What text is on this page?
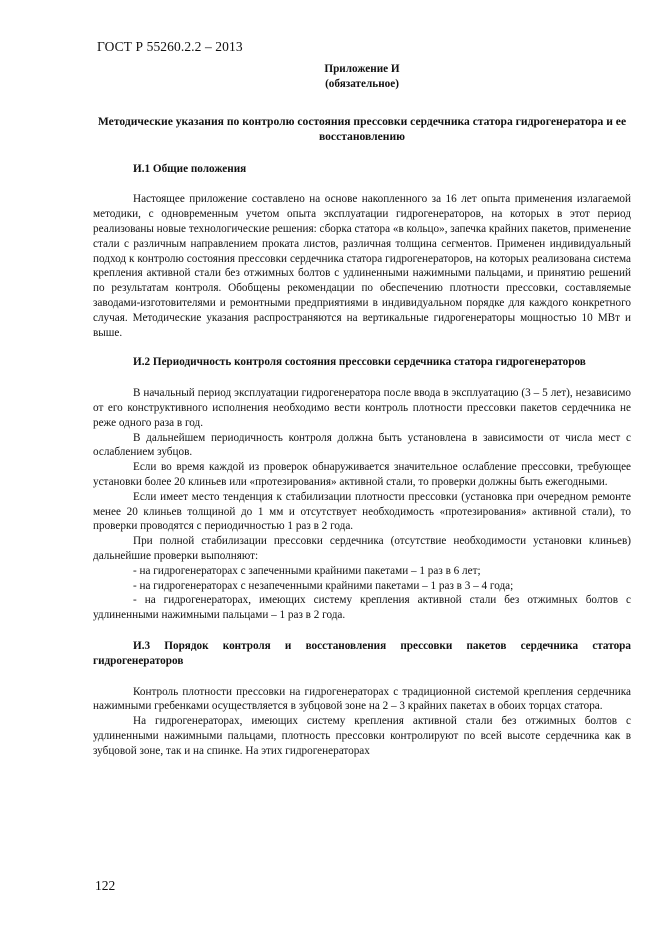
ГОСТ Р 55260.2.2 – 2013
Приложение И
(обязательное)
Методические указания по контролю состояния прессовки сердечника статора гидрогенератора и ее восстановлению
И.1 Общие положения

Настоящее приложение составлено на основе накопленного за 16 лет опыта применения излагаемой методики, с одновременным учетом опыта эксплуатации гидрогенераторов, на которых в этот период реализованы новые технологические решения: сборка статора «в кольцо», запечка крайних пакетов, применение стали с различным направлением проката листов, различная толщина сегментов. Применен индивидуальный подход к контролю состояния прессовки сердечника статора гидрогенераторов, на которых реализована система крепления активной стали без отжимных болтов с удлиненными нажимными пальцами, и принятию решений по результатам контроля. Обобщены рекомендации по обеспечению плотности прессовки, составляемые заводами-изготовителями и ремонтными предприятиями в индивидуальном порядке для каждого конкретного случая. Методические указания распространяются на вертикальные гидрогенераторы мощностью 10 МВт и выше.

И.2 Периодичность контроля состояния прессовки сердечника статора гидрогенераторов

В начальный период эксплуатации гидрогенератора после ввода в эксплуатацию (3 – 5 лет), независимо от его конструктивного исполнения необходимо вести контроль плотности прессовки пакетов сердечника не реже одного раза в год.

В дальнейшем периодичность контроля должна быть установлена в зависимости от числа мест с ослаблением зубцов.

Если во время каждой из проверок обнаруживается значительное ослабление прессовки, требующее установки более 20 клиньев или «протезирования» активной стали, то проверки должны быть ежегодными.

Если имеет место тенденция к стабилизации плотности прессовки (установка при очередном ремонте менее 20 клиньев толщиной до 1 мм и отсутствует необходимость «протезирования» активной стали), то проверки проводятся с периодичностью 1 раз в 2 года.

При полной стабилизации прессовки сердечника (отсутствие необходимости установки клиньев) дальнейшие проверки выполняют:

- на гидрогенераторах с запеченными крайними пакетами – 1 раз в 6 лет;

- на гидрогенераторах с незапеченными крайними пакетами – 1 раз в 3 – 4 года;

- на гидрогенераторах, имеющих систему крепления активной стали без отжимных болтов с удлиненными нажимными пальцами – 1 раз в 2 года.

И.3 Порядок контроля и восстановления прессовки пакетов сердечника статора гидрогенераторов

Контроль плотности прессовки на гидрогенераторах с традиционной системой крепления сердечника нажимными гребенками осуществляется в зубцовой зоне на 2 – 3 крайних пакетах в обоих торцах статора.

На гидрогенераторах, имеющих систему крепления активной стали без отжимных болтов с удлиненными нажимными пальцами, плотность прессовки контролируют по всей высоте сердечника как в зубцовой зоне, так и на спинке. На этих гидрогенераторах

122
